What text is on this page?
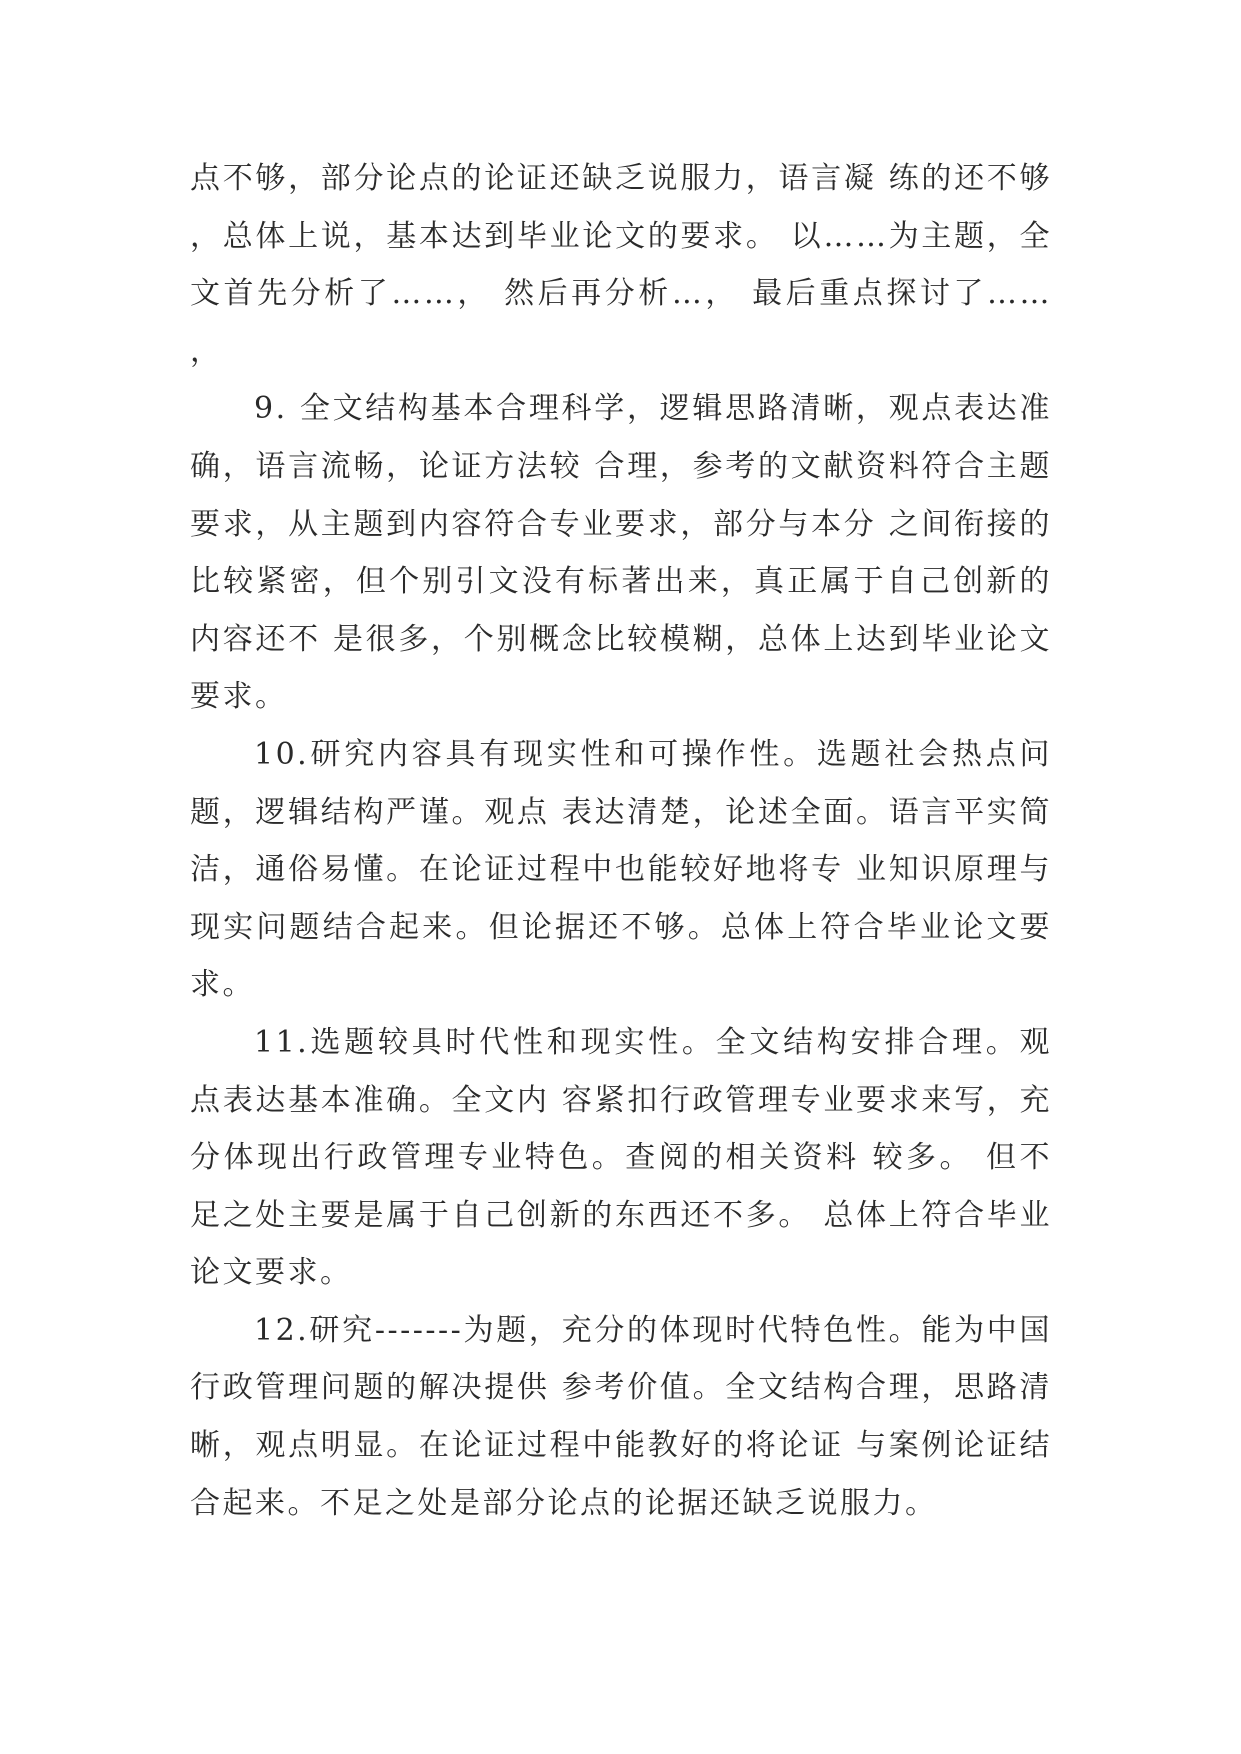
点不够，部分论点的论证还缺乏说服力，语言凝 练的还不够，总体上说，基本达到毕业论文的要求。 以……为主题，全文首先分析了……， 然后再分析…， 最后重点探讨了……，

9. 全文结构基本合理科学，逻辑思路清晰，观点表达准确，语言流畅，论证方法较 合理，参考的文献资料符合主题要求，从主题到内容符合专业要求，部分与本分 之间衔接的比较紧密，但个别引文没有标著出来，真正属于自己创新的内容还不 是很多，个别概念比较模糊，总体上达到毕业论文要求。

10.研究内容具有现实性和可操作性。选题社会热点问题，逻辑结构严谨。观点 表达清楚，论述全面。语言平实简洁，通俗易懂。在论证过程中也能较好地将专 业知识原理与现实问题结合起来。但论据还不够。总体上符合毕业论文要求。

11.选题较具时代性和现实性。全文结构安排合理。观点表达基本准确。全文内 容紧扣行政管理专业要求来写，充分体现出行政管理专业特色。查阅的相关资料 较多。 但不足之处主要是属于自己创新的东西还不多。 总体上符合毕业论文要求。

12.研究-------为题，充分的体现时代特色性。能为中国行政管理问题的解决提供 参考价值。全文结构合理，思路清晰，观点明显。在论证过程中能教好的将论证 与案例论证结合起来。不足之处是部分论点的论据还缺乏说服力。
